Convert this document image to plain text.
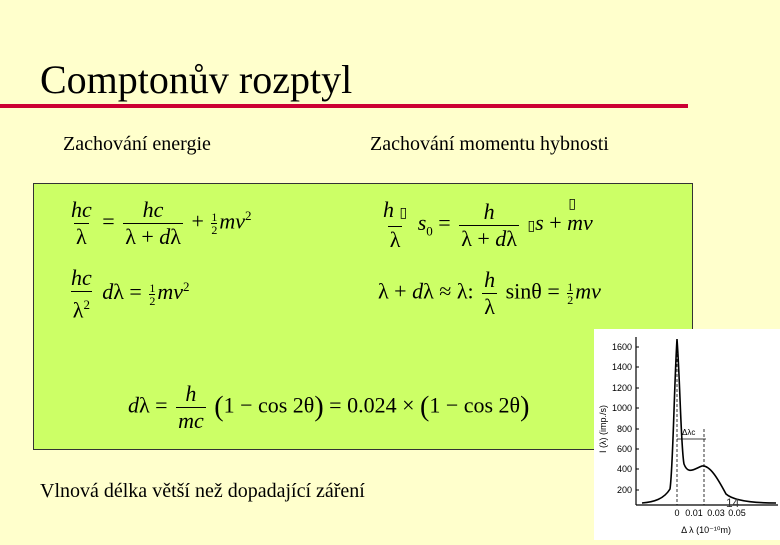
Comptonův rozptyl
Zachování energie	Zachování momentu hybnosti
$\frac{hc}{\lambda} = \frac{hc}{\lambda + d\lambda} + \frac{1}{2} mv^2$
$\frac{hc}{\lambda^2}$ $d\lambda = \frac{1}{2} mv^2$
$\frac{h ▯}{\lambda} s_0 = \frac{h}{\lambda + d\lambda}$ ▯s + mv ▯
λ + dλ ≈ λ: $\frac{h}{\lambda}$ $\sin\theta = \frac{1}{2}$ mv
$d\lambda = \frac{h}{mc} (1 - \cos 2\theta) = 0.024 \times (1 - \cos 2\theta)$
Vlnová délka větší než dopadající záření
1600
1400
1200
1000
800
600
400
200
I (λ) (imp./s)
0 0.01 0.03 0.05
Δ λ (10⁻¹⁰m)
Δλc
14
